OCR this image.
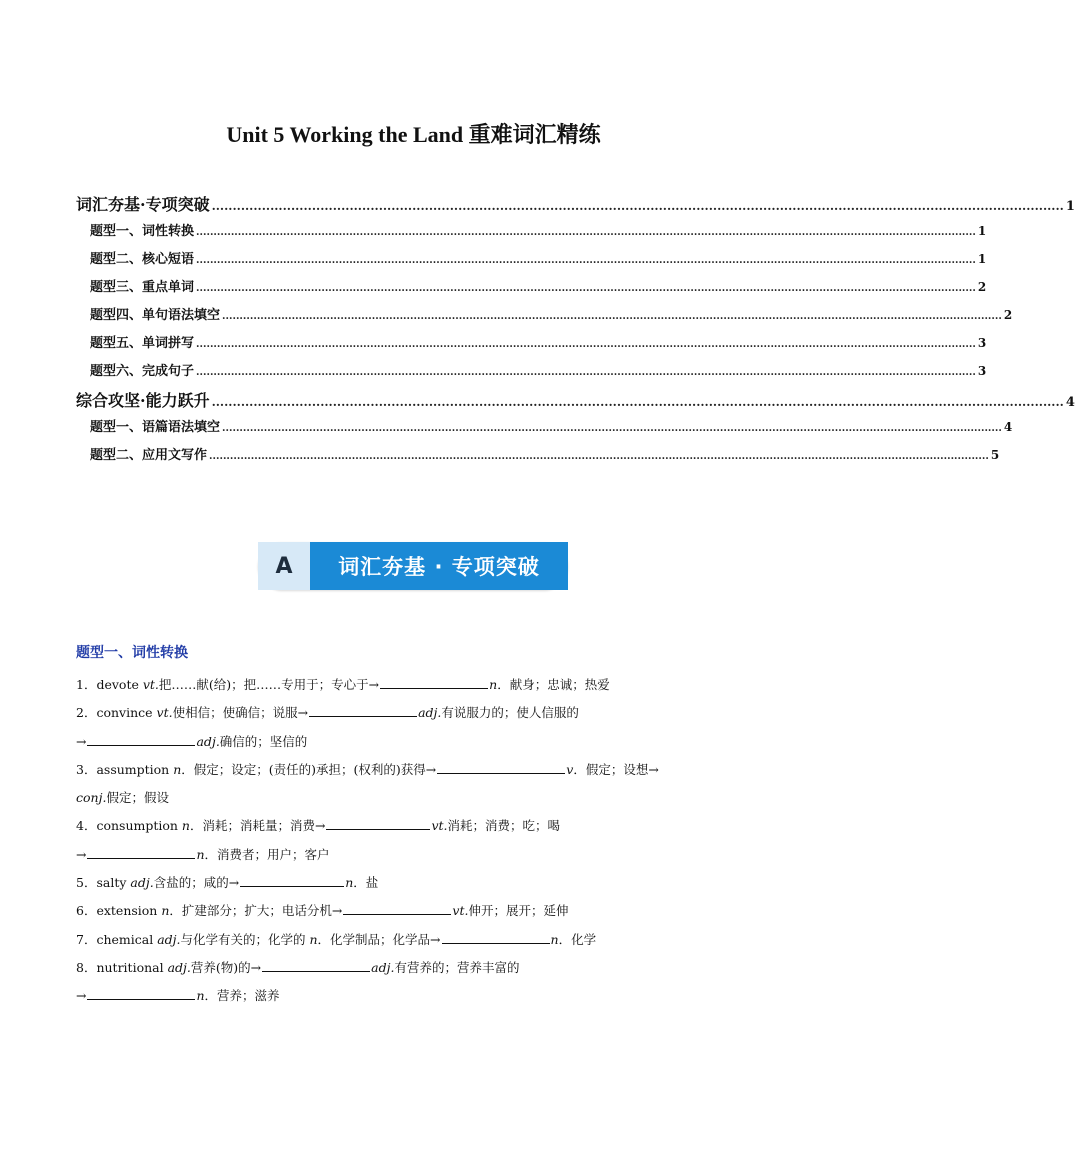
Unit 5 Working the Land 重难词汇精练
词汇夯基·专项突破 ............................................................................................................................................................................................................ 1
题型一、词性转换 ................................................................................................................................................................................................................................ 1
题型二、核心短语 ................................................................................................................................................................................................................................ 1
题型三、重点单词 ................................................................................................................................................................................................................................ 2
题型四、单句语法填空 ................................................................................................................................................................................................................................ 2
题型五、单词拼写 ................................................................................................................................................................................................................................ 3
题型六、完成句子 ................................................................................................................................................................................................................................ 3
综合攻坚·能力跃升 ............................................................................................................................................................................................................ 4
题型一、语篇语法填空 ................................................................................................................................................................................................................................ 4
题型二、应用文写作 ................................................................................................................................................................................................................................ 5
A	词汇夯基 · 专项突破
题型一、词性转换
1．devote vt.把……献(给)；把……专用于；专心于→	n．献身；忠诚；热爱
2．convince vt.使相信；使确信；说服→	adj.有说服力的；使人信服的
→	adj.确信的；坚信的
3．assumption n．假定；设定；(责任的)承担；(权利的)获得→	v．假定；设想→
conj.假定；假设
4．consumption n．消耗；消耗量；消费→	vt.消耗；消费；吃；喝
→	n．消费者；用户；客户
5．salty adj.含盐的；咸的→	n．盐
6．extension n．扩建部分；扩大；电话分机→	vt.伸开；展开；延伸
7．chemical adj.与化学有关的；化学的 n．化学制品；化学品→	n．化学
8．nutritional adj.营养(物)的→	adj.有营养的；营养丰富的
→	n．营养；滋养
